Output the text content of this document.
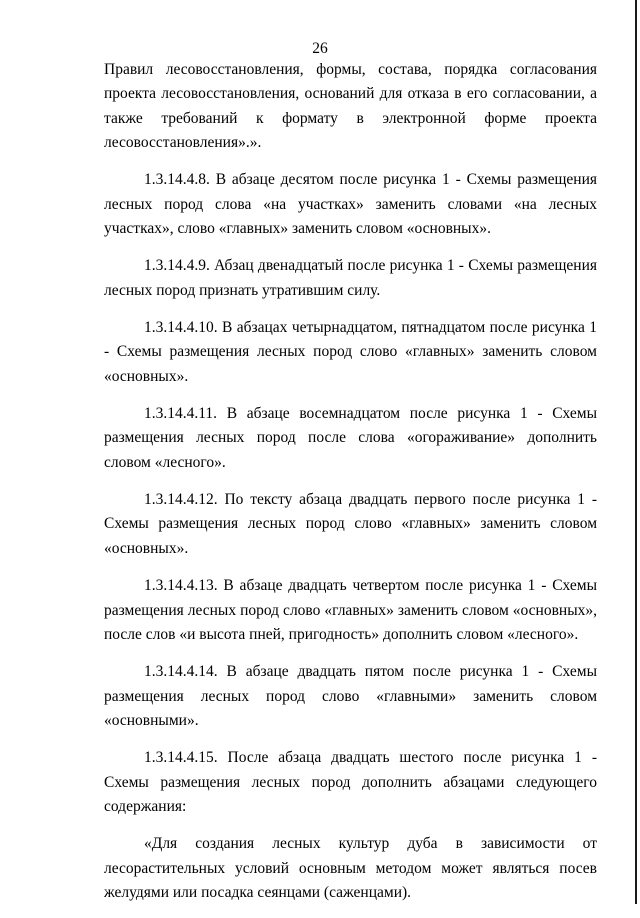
26

Правил лесовосстановления, формы, состава, порядка согласования проекта лесовосстановления, оснований для отказа в его согласовании, а также требований к формату в электронной форме проекта лесовосстановления».».

1.3.14.4.8. В абзаце десятом после рисунка 1 - Схемы размещения лесных пород слова «на участках» заменить словами «на лесных участках», слово «главных» заменить словом «основных».

1.3.14.4.9. Абзац двенадцатый после рисунка 1 - Схемы размещения лесных пород признать утратившим силу.

1.3.14.4.10. В абзацах четырнадцатом, пятнадцатом после рисунка 1 - Схемы размещения лесных пород слово «главных» заменить словом «основных».

1.3.14.4.11. В абзаце восемнадцатом после рисунка 1 - Схемы размещения лесных пород после слова «огораживание» дополнить словом «лесного».

1.3.14.4.12. По тексту абзаца двадцать первого после рисунка 1 - Схемы размещения лесных пород слово «главных» заменить словом «основных».

1.3.14.4.13. В абзаце двадцать четвертом после рисунка 1 - Схемы размещения лесных пород слово «главных» заменить словом «основных», после слов «и высота пней, пригодность» дополнить словом «лесного».

1.3.14.4.14. В абзаце двадцать пятом после рисунка 1 - Схемы размещения лесных пород слово «главными» заменить словом «основными».

1.3.14.4.15. После абзаца двадцать шестого после рисунка 1 - Схемы размещения лесных пород дополнить абзацами следующего содержания:

«Для создания лесных культур дуба в зависимости от лесорастительных условий основным методом может являться посев желудями или посадка сеянцами (саженцами).
